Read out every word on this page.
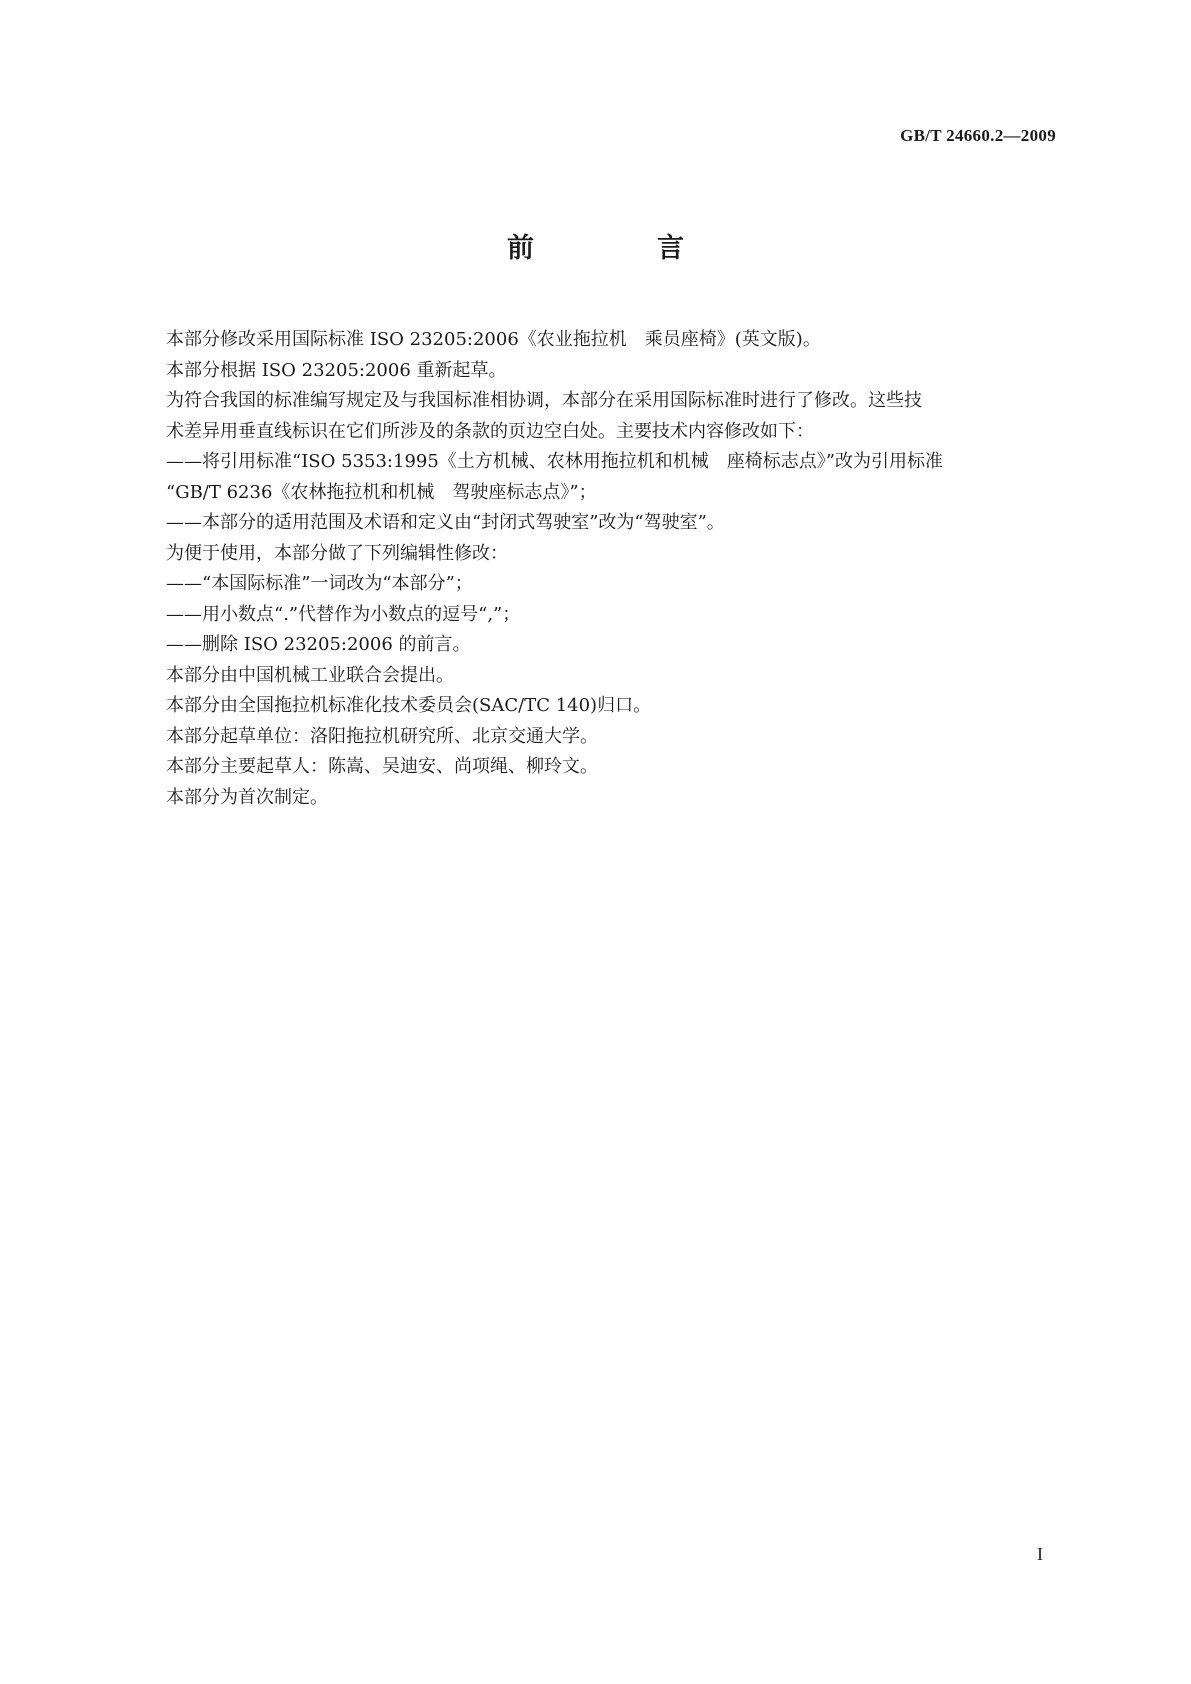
GB/T 24660.2—2009
前　言

本部分修改采用国际标准 ISO 23205:2006《农业拖拉机　乘员座椅》(英文版)。

本部分根据 ISO 23205:2006 重新起草。

为符合我国的标准编写规定及与我国标准相协调，本部分在采用国际标准时进行了修改。这些技

术差异用垂直线标识在它们所涉及的条款的页边空白处。主要技术内容修改如下：

——将引用标准“ISO 5353:1995《土方机械、农林用拖拉机和机械　座椅标志点》”改为引用标准

“GB/T 6236《农林拖拉机和机械　驾驶座标志点》”；

——本部分的适用范围及术语和定义由“封闭式驾驶室”改为“驾驶室”。

为便于使用，本部分做了下列编辑性修改：

——“本国际标准”一词改为“本部分”；

——用小数点“.”代替作为小数点的逗号“,”；

——删除 ISO 23205:2006 的前言。

本部分由中国机械工业联合会提出。

本部分由全国拖拉机标准化技术委员会(SAC/TC 140)归口。

本部分起草单位：洛阳拖拉机研究所、北京交通大学。

本部分主要起草人：陈嵩、吴迪安、尚项绳、柳玲文。

本部分为首次制定。

I
